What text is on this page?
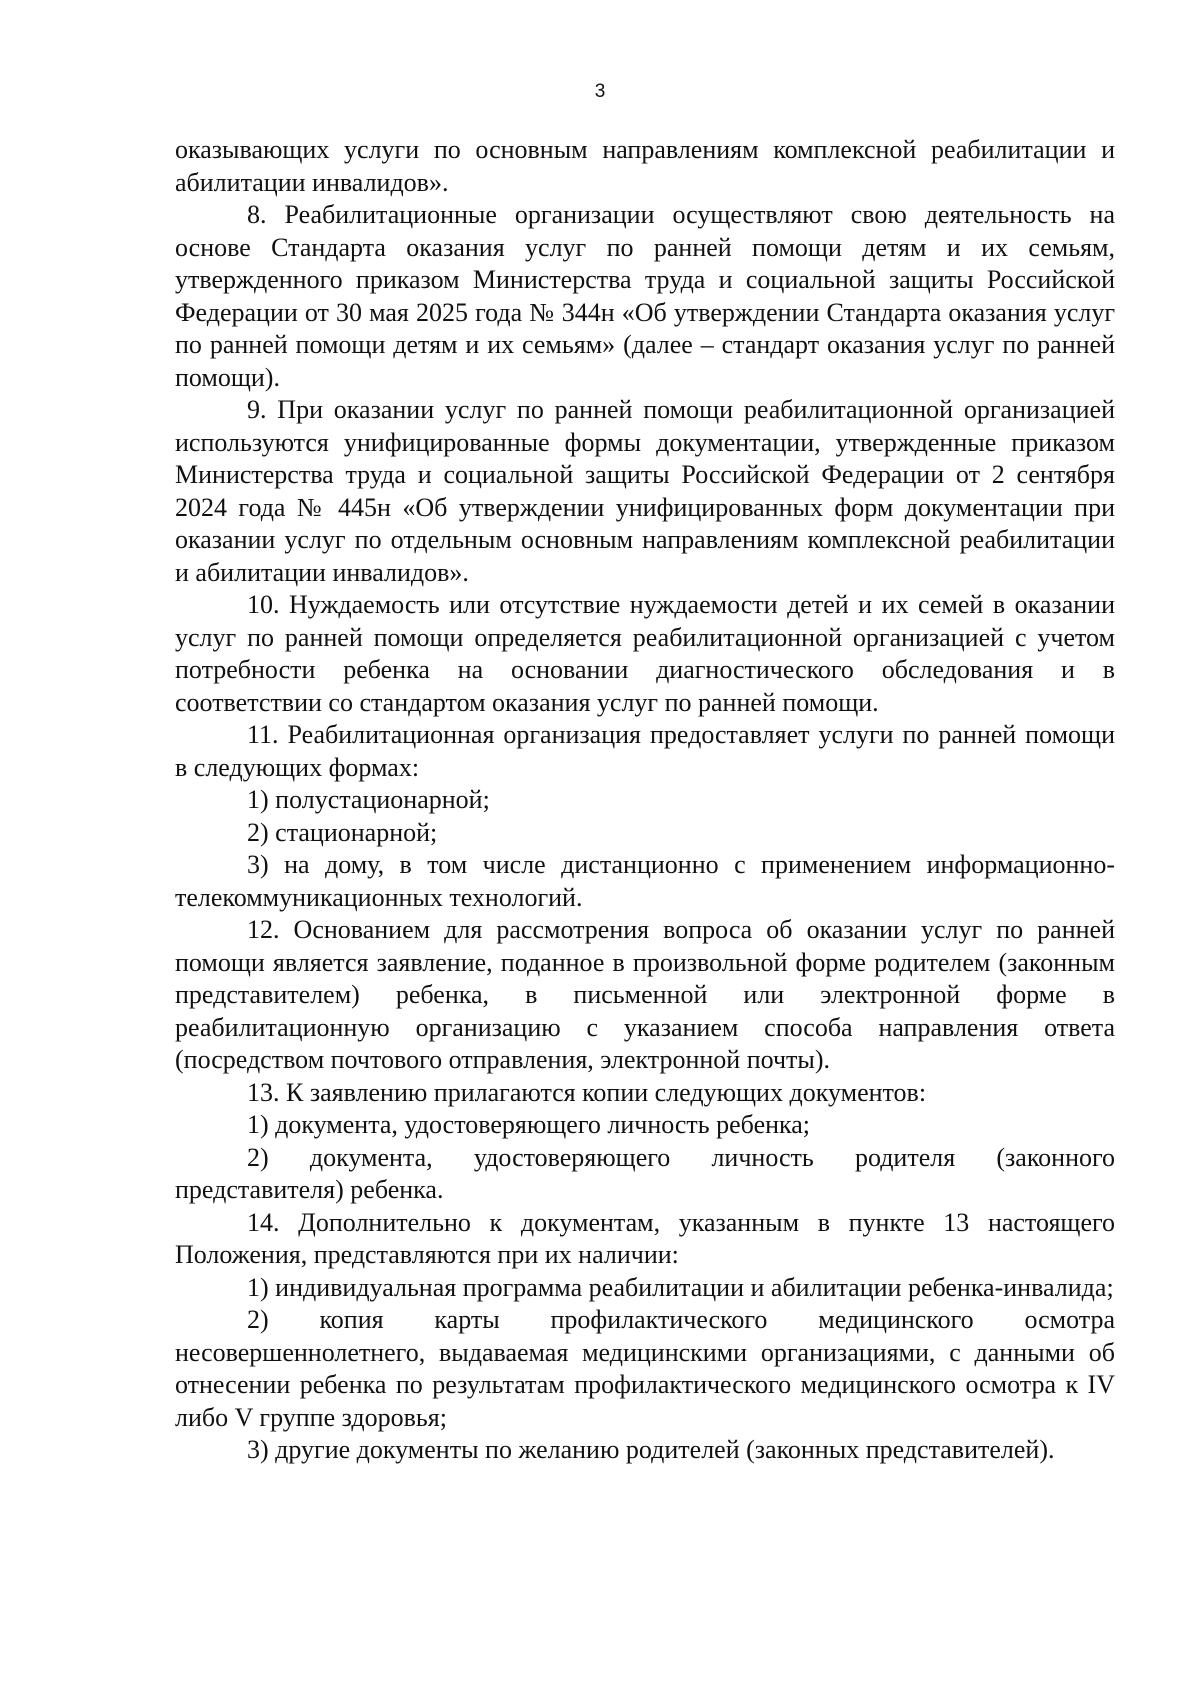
3

оказывающих услуги по основным направлениям комплексной реабилитации и абилитации инвалидов».

8. Реабилитационные организации осуществляют свою деятельность на основе Стандарта оказания услуг по ранней помощи детям и их семьям, утвержденного приказом Министерства труда и социальной защиты Российской Федерации от 30 мая 2025 года № 344н «Об утверждении Стандарта оказания услуг по ранней помощи детям и их семьям» (далее – стандарт оказания услуг по ранней помощи).

9. При оказании услуг по ранней помощи реабилитационной организацией используются унифицированные формы документации, утвержденные приказом Министерства труда и социальной защиты Российской Федерации от 2 сентября 2024 года № 445н «Об утверждении унифицированных форм документации при оказании услуг по отдельным основным направлениям комплексной реабилитации и абилитации инвалидов».

10. Нуждаемость или отсутствие нуждаемости детей и их семей в оказании услуг по ранней помощи определяется реабилитационной организацией с учетом потребности ребенка на основании диагностического обследования и в соответствии со стандартом оказания услуг по ранней помощи.

11. Реабилитационная организация предоставляет услуги по ранней помощи в следующих формах:

1) полустационарной;

2) стационарной;

3) на дому, в том числе дистанционно с применением информационно-телекоммуникационных технологий.

12. Основанием для рассмотрения вопроса об оказании услуг по ранней помощи является заявление, поданное в произвольной форме родителем (законным представителем) ребенка, в письменной или электронной форме в реабилитационную организацию с указанием способа направления ответа (посредством почтового отправления, электронной почты).

13. К заявлению прилагаются копии следующих документов:

1) документа, удостоверяющего личность ребенка;

2) документа, удостоверяющего личность родителя (законного представителя) ребенка.

14. Дополнительно к документам, указанным в пункте 13 настоящего Положения, представляются при их наличии:

1) индивидуальная программа реабилитации и абилитации ребенка-инвалида;

2) копия карты профилактического медицинского осмотра несовершеннолетнего, выдаваемая медицинскими организациями, с данными об отнесении ребенка по результатам профилактического медицинского осмотра к IV либо V группе здоровья;

3) другие документы по желанию родителей (законных представителей).
